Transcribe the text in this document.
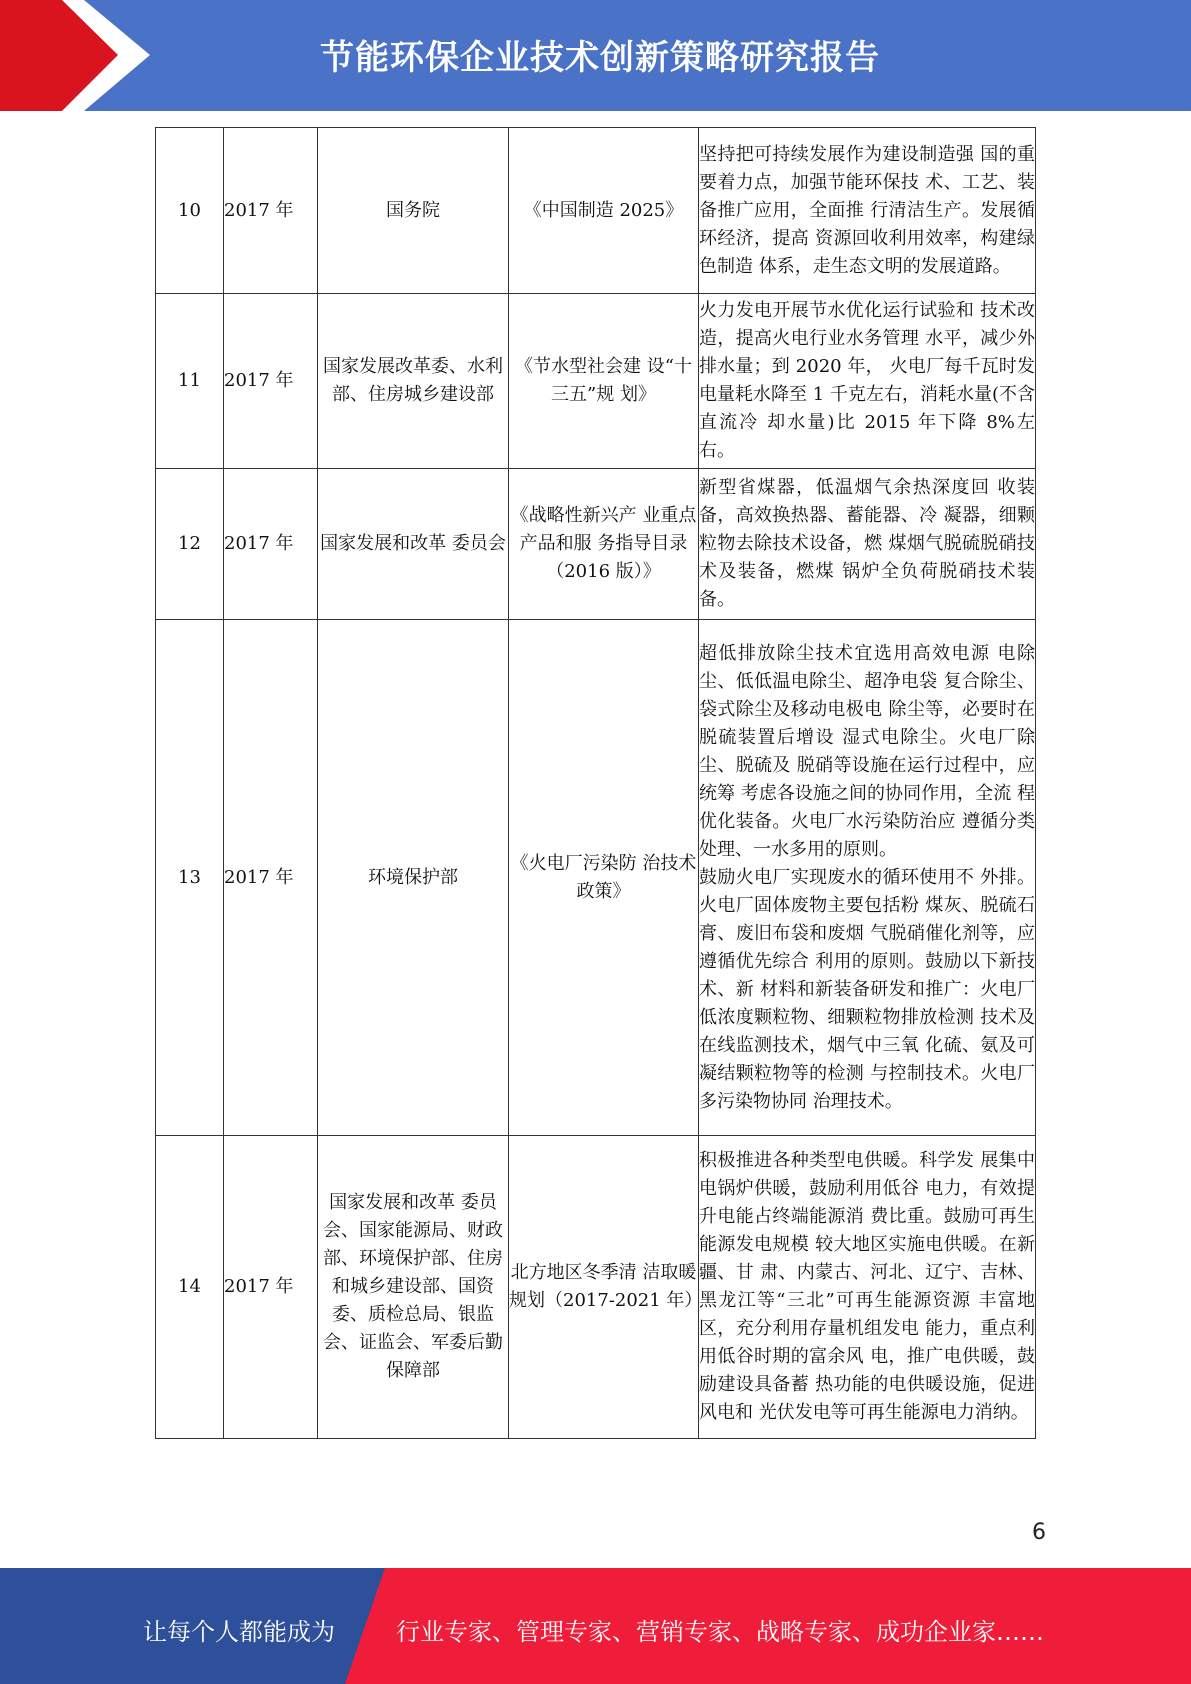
节能环保企业技术创新策略研究报告
10	2017 年	国务院	《中国制造 2025》	坚持把可持续发展作为建设制造强 国的重要着力点，加强节能环保技 术、工艺、装备推广应用，全面推 行清洁生产。发展循环经济，提高 资源回收利用效率，构建绿色制造 体系，走生态文明的发展道路。
11	2017 年	国家发展改革委、水利部、住房城乡建设部	《节水型社会建 设“十三五”规 划》	火力发电开展节水优化运行试验和 技术改造，提高火电行业水务管理 水平，减少外排水量；到 2020 年， 火电厂每千瓦时发电量耗水降至 1 千克左右，消耗水量(不含直流冷 却水量)比 2015 年下降 8%左右。
12	2017 年	国家发展和改革 委员会	《战略性新兴产 业重点产品和服 务指导目录（2016 版）》	新型省煤器，低温烟气余热深度回 收装备，高效换热器、蓄能器、冷 凝器，细颗粒物去除技术设备，燃 煤烟气脱硫脱硝技术及装备，燃煤 锅炉全负荷脱硝技术装备。
13	2017 年	环境保护部	《火电厂污染防 治技术政策》	超低排放除尘技术宜选用高效电源 电除尘、低低温电除尘、超净电袋 复合除尘、袋式除尘及移动电极电 除尘等，必要时在脱硫装置后增设 湿式电除尘。火电厂除尘、脱硫及 脱硝等设施在运行过程中，应统筹 考虑各设施之间的协同作用，全流 程优化装备。火电厂水污染防治应 遵循分类处理、一水多用的原则。
鼓励火电厂实现废水的循环使用不 外排。火电厂固体废物主要包括粉 煤灰、脱硫石膏、废旧布袋和废烟 气脱硝催化剂等，应遵循优先综合 利用的原则。鼓励以下新技术、新 材料和新装备研发和推广：火电厂 低浓度颗粒物、细颗粒物排放检测 技术及在线监测技术，烟气中三氧 化硫、氨及可凝结颗粒物等的检测 与控制技术。火电厂多污染物协同 治理技术。

14	2017 年	国家发展和改革 委员会、国家能源局、财政部、环境保护部、住房和城乡建设部、国资委、质检总局、银监会、证监会、军委后勤保障部	北方地区冬季清 洁取暖规划（2017-2021 年）	积极推进各种类型电供暖。科学发 展集中电锅炉供暖，鼓励利用低谷 电力，有效提升电能占终端能源消 费比重。鼓励可再生能源发电规模 较大地区实施电供暖。在新疆、甘 肃、内蒙古、河北、辽宁、吉林、 黑龙江等“三北”可再生能源资源 丰富地区，充分利用存量机组发电 能力，重点利用低谷时期的富余风 电，推广电供暖，鼓励建设具备蓄 热功能的电供暖设施，促进风电和 光伏发电等可再生能源电力消纳。
6
让每个人都能成为	行业专家、管理专家、营销专家、战略专家、成功企业家……
